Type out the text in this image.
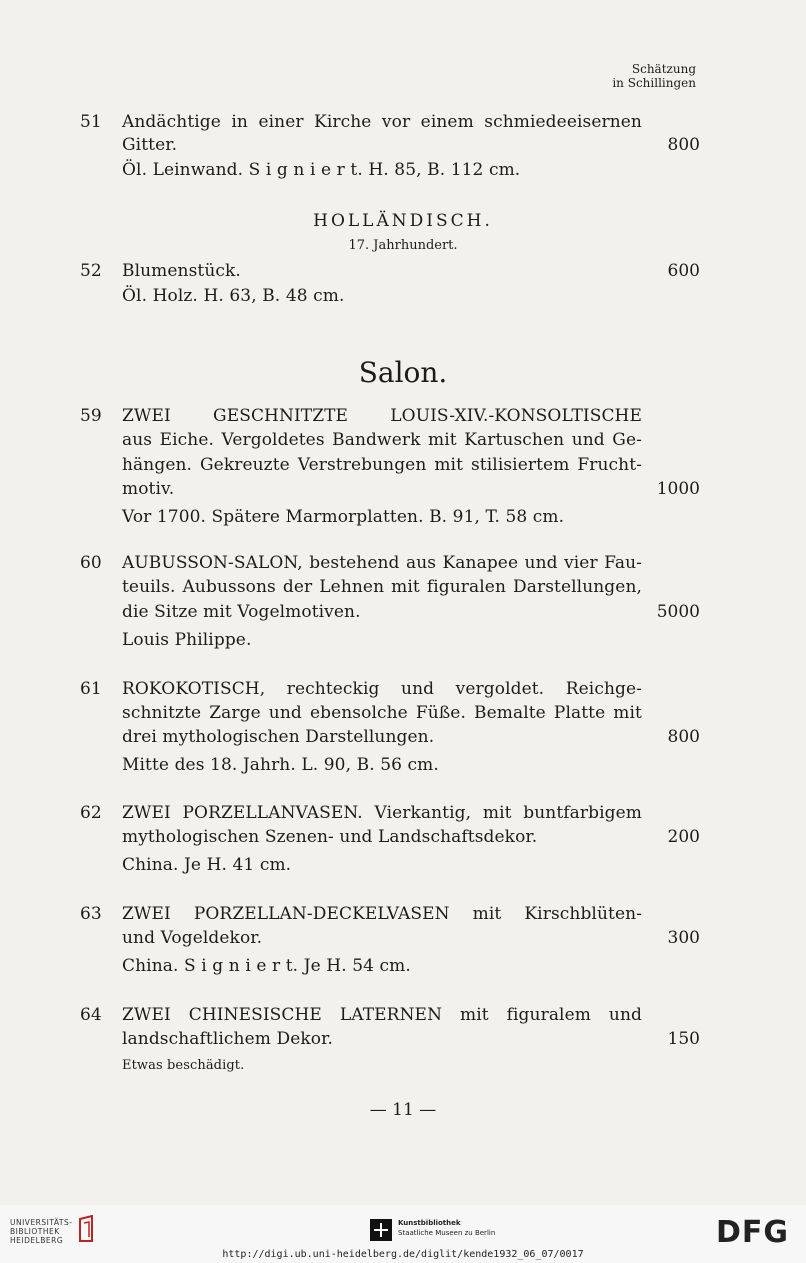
Schätzung
in Schillingen
51 Andächtige in einer Kirche vor einem schmiedeeisernen
Gitter.	800
Öl. Leinwand. S i g n i e r t. H. 85, B. 112 cm.
HOLLÄNDISCH.
17. Jahrhundert.
52 Blumenstück.	600
Öl. Holz. H. 63, B. 48 cm.
Salon.
59 ZWEI GESCHNITZTE LOUIS-XIV.-KONSOLTISCHE
aus Eiche. Vergoldetes Bandwerk mit Kartuschen und Ge-
hängen. Gekreuzte Verstrebungen mit stilisiertem Frucht-
motiv.	1000
Vor 1700. Spätere Marmorplatten. B. 91, T. 58 cm.
60 AUBUSSON-SALON, bestehend aus Kanapee und vier Fau-
teuils. Aubussons der Lehnen mit figuralen Darstellungen,
die Sitze mit Vogelmotiven.	5000
Louis Philippe.
61 ROKOKOTISCH, rechteckig und vergoldet. Reichge-
schnitzte Zarge und ebensolche Füße. Bemalte Platte mit
drei mythologischen Darstellungen.	800
Mitte des 18. Jahrh. L. 90, B. 56 cm.
62 ZWEI PORZELLANVASEN. Vierkantig, mit buntfarbigem
mythologischen Szenen- und Landschaftsdekor.	200
China. Je H. 41 cm.
63 ZWEI PORZELLAN-DECKELVASEN mit Kirschblüten-
und Vogeldekor.	300
China. S i g n i e r t. Je H. 54 cm.
64 ZWEI CHINESISCHE LATERNEN mit figuralem und
landschaftlichem Dekor.	150
Etwas beschädigt.
— 11 —
UNIVERSITÄTS-
BIBLIOTHEK
HEIDELBERG
Kunstbibliothek
Staatliche Museen zu Berlin	DFG
http://digi.ub.uni-heidelberg.de/diglit/kende1932_06_07/0017
